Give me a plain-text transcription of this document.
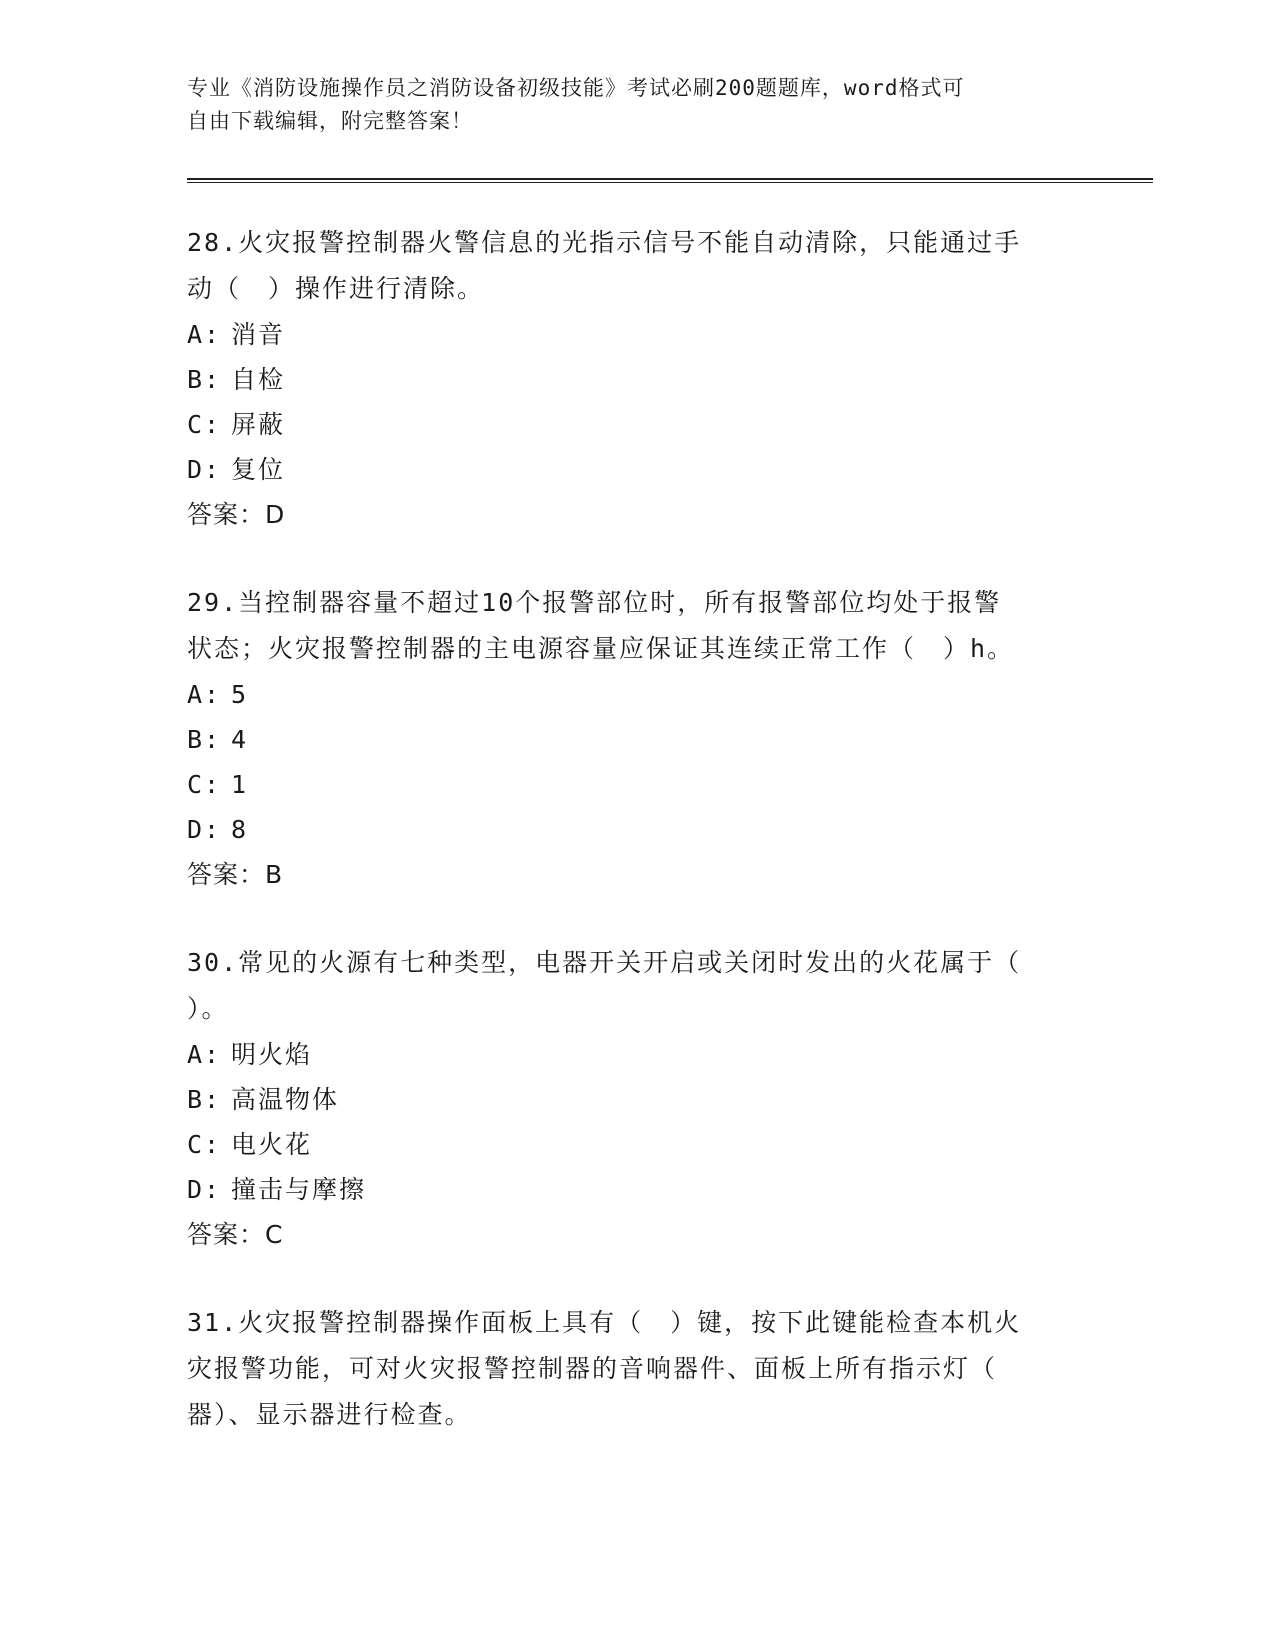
专业《消防设施操作员之消防设备初级技能》考试必刷200题题库，word格式可
自由下载编辑，附完整答案！
28.火灾报警控制器火警信息的光指示信号不能自动清除，只能通过手
动（　）操作进行清除。
A: 消音
B: 自检
C: 屏蔽
D: 复位
答案：D
29.当控制器容量不超过10个报警部位时，所有报警部位均处于报警
状态；火灾报警控制器的主电源容量应保证其连续正常工作（　）h。
A: 5
B: 4
C: 1
D: 8
答案：B
30.常见的火源有七种类型，电器开关开启或关闭时发出的火花属于（
）。
A: 明火焰
B: 高温物体
C: 电火花
D: 撞击与摩擦
答案：C
31.火灾报警控制器操作面板上具有（　）键，按下此键能检查本机火
灾报警功能，可对火灾报警控制器的音响器件、面板上所有指示灯（
器）、显示器进行检查。
